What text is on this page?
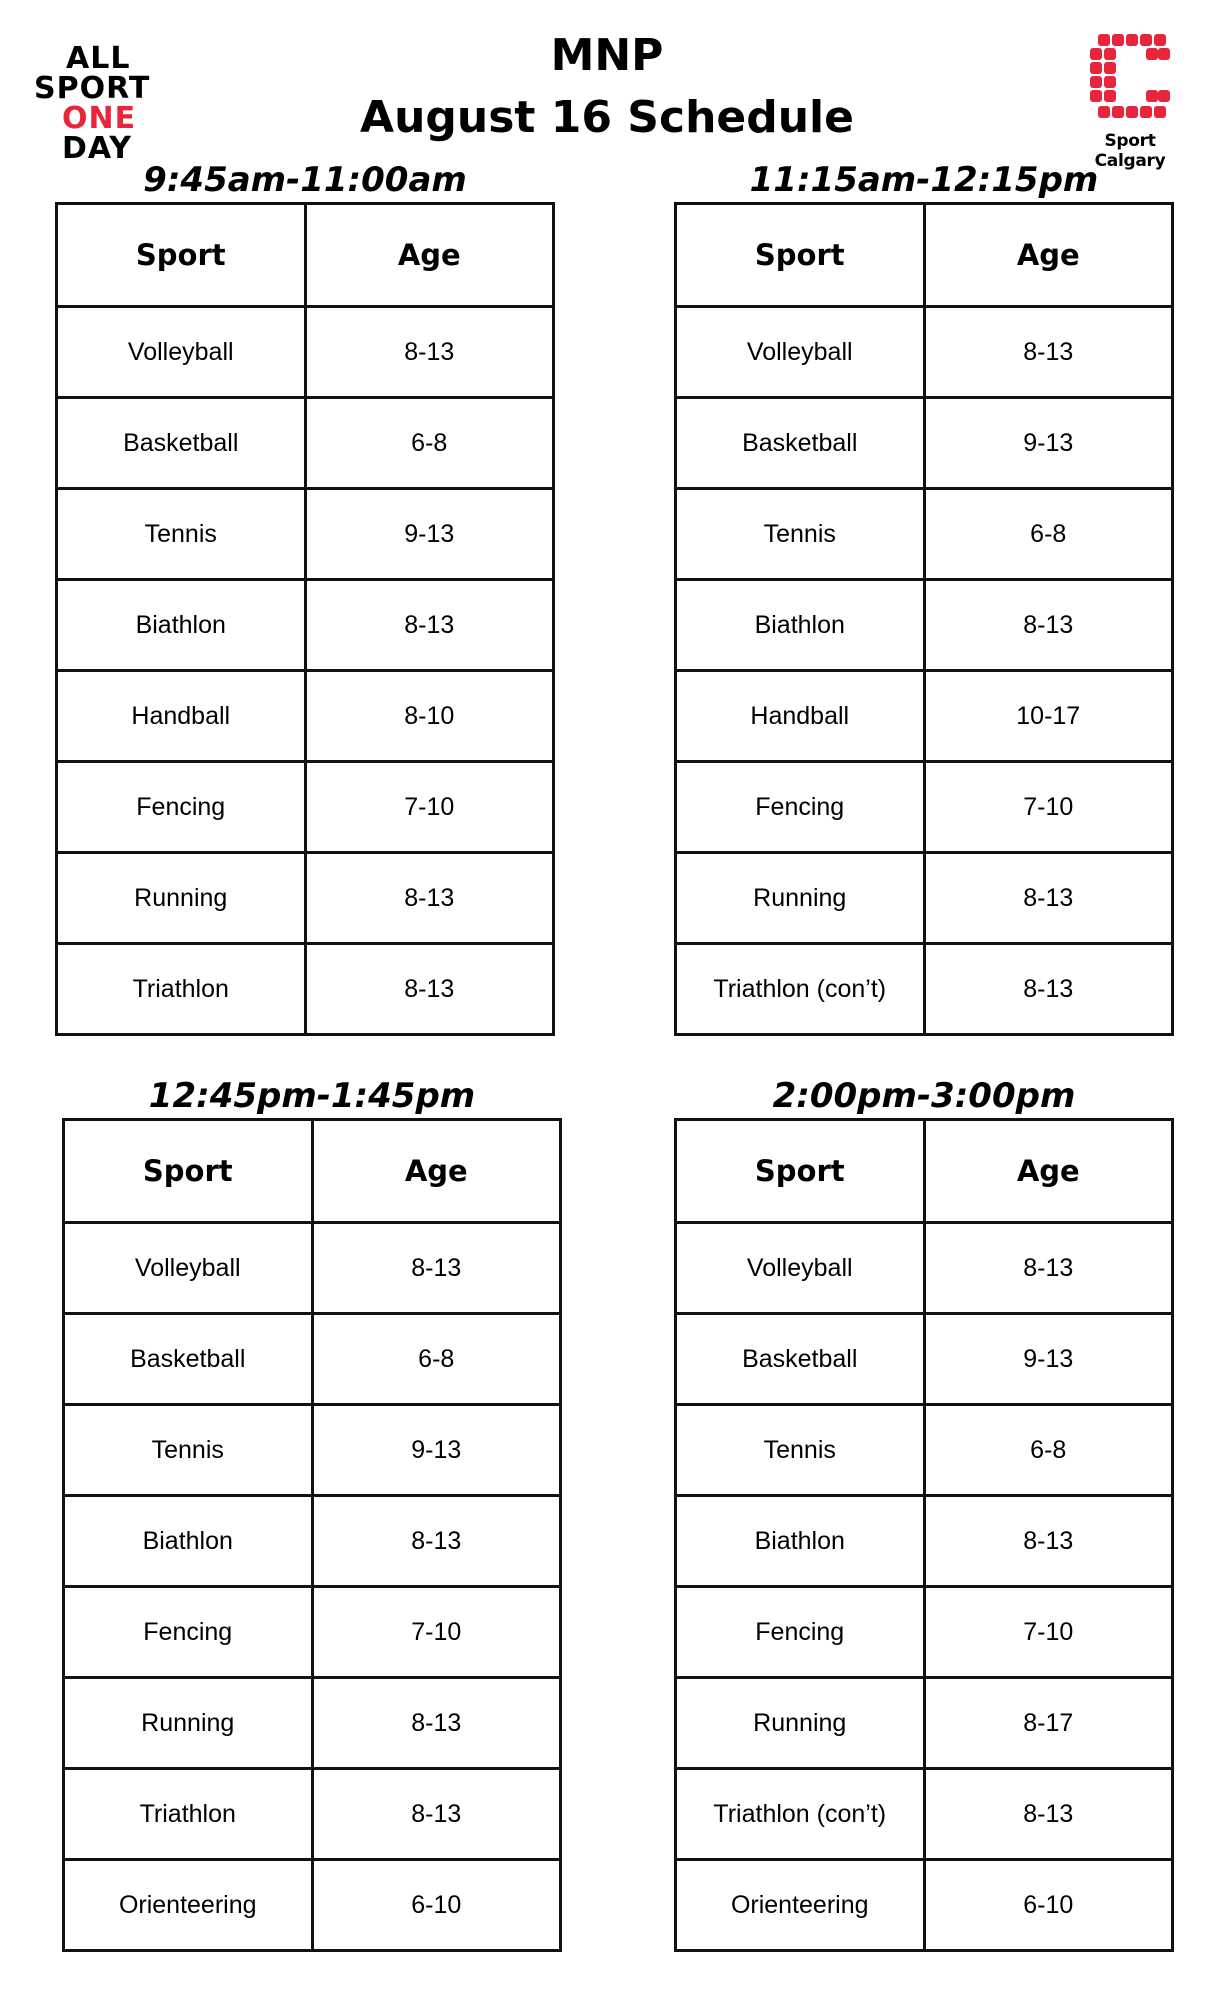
ALL
SPORT
ONE
DAY
MNP
August 16 Schedule	Sport Calgary
9:45am-11:00am
Sport	Age
Volleyball	8-13
Basketball	6-8
Tennis	9-13
Biathlon	8-13
Handball	8-10
Fencing	7-10
Running	8-13
Triathlon	8-13
11:15am-12:15pm
Sport	Age
Volleyball	8-13
Basketball	9-13
Tennis	6-8
Biathlon	8-13
Handball	10-17
Fencing	7-10
Running	8-13
Triathlon (con’t)	8-13
12:45pm-1:45pm
Sport	Age
Volleyball	8-13
Basketball	6-8
Tennis	9-13
Biathlon	8-13
Fencing	7-10
Running	8-13
Triathlon	8-13
Orienteering	6-10
2:00pm-3:00pm
Sport	Age
Volleyball	8-13
Basketball	9-13
Tennis	6-8
Biathlon	8-13
Fencing	7-10
Running	8-17
Triathlon (con’t)	8-13
Orienteering	6-10
